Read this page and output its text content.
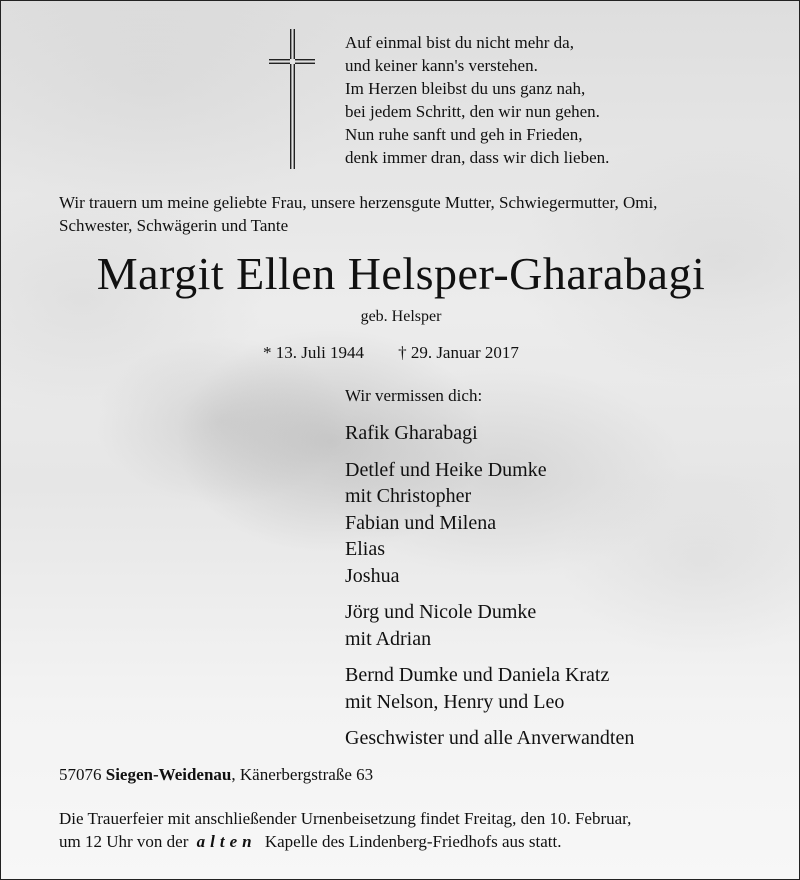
Auf einmal bist du nicht mehr da,
und keiner kann's verstehen.
Im Herzen bleibst du uns ganz nah,
bei jedem Schritt, den wir nun gehen.
Nun ruhe sanft und geh in Frieden,
denk immer dran, dass wir dich lieben.
Wir trauern um meine geliebte Frau, unsere herzensgute Mutter, Schwiegermutter, Omi,
Schwester, Schwägerin und Tante
Margit Ellen Helsper-Gharabagi
geb. Helsper
* 13. Juli 1944 † 29. Januar 2017
Wir vermissen dich:
Rafik Gharabagi
Detlef und Heike Dumke
mit Christopher
Fabian und Milena
Elias
Joshua
Jörg und Nicole Dumke
mit Adrian
Bernd Dumke und Daniela Kratz
mit Nelson, Henry und Leo
Geschwister und alle Anverwandten
57076 Siegen-Weidenau, Känerbergstraße 63
Die Trauerfeier mit anschließender Urnenbeisetzung findet Freitag, den 10. Februar,
um 12 Uhr von der alten Kapelle des Lindenberg-Friedhofs aus statt.
